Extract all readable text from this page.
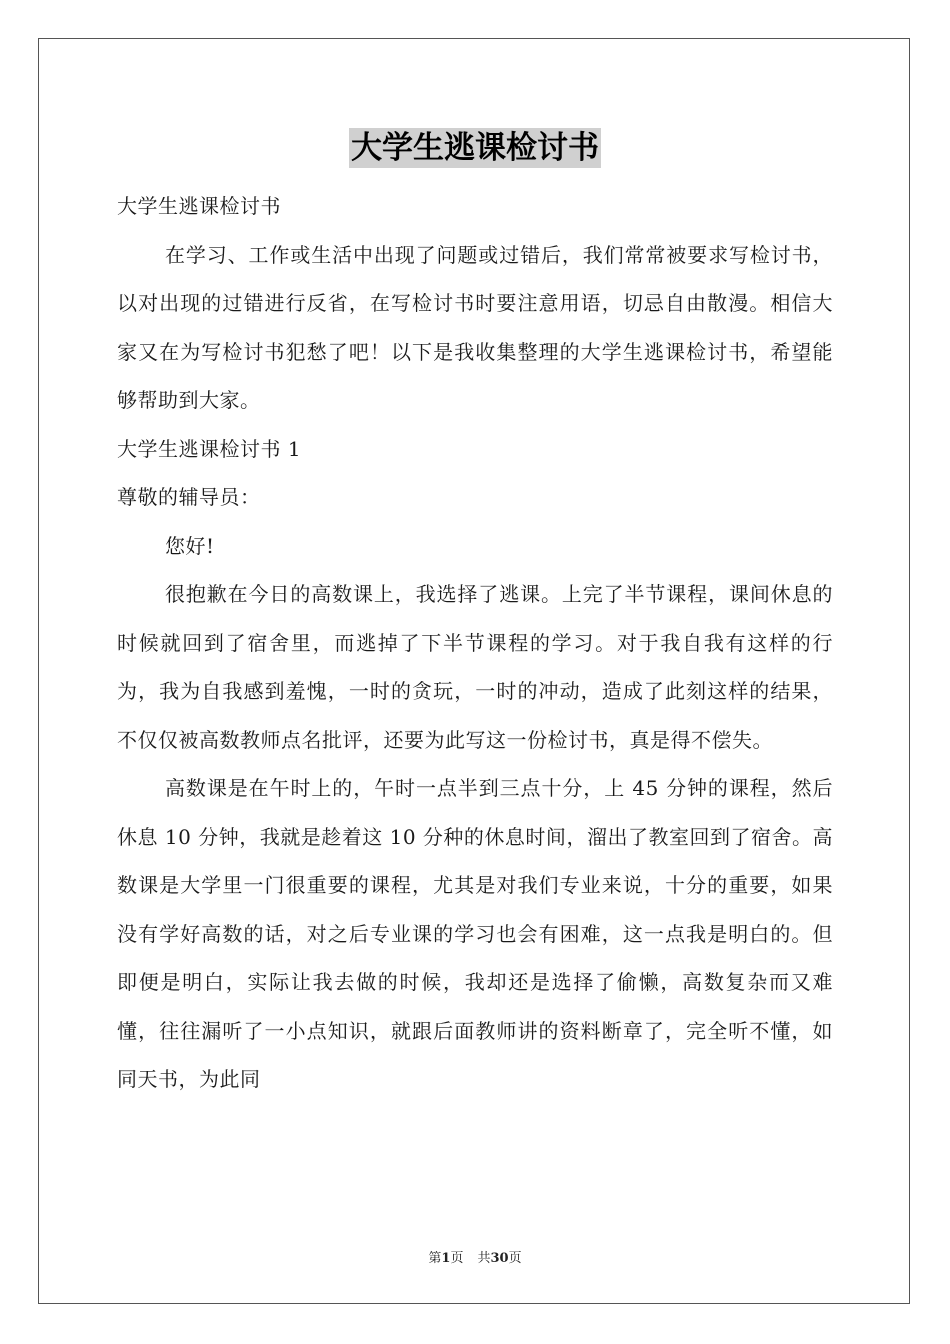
大学生逃课检讨书

大学生逃课检讨书

在学习、工作或生活中出现了问题或过错后，我们常常被要求写检讨书，以对出现的过错进行反省，在写检讨书时要注意用语，切忌自由散漫。相信大家又在为写检讨书犯愁了吧！以下是我收集整理的大学生逃课检讨书，希望能够帮助到大家。

大学生逃课检讨书 1

尊敬的辅导员：

您好!

很抱歉在今日的高数课上，我选择了逃课。上完了半节课程，课间休息的时候就回到了宿舍里，而逃掉了下半节课程的学习。对于我自我有这样的行为，我为自我感到羞愧，一时的贪玩，一时的冲动，造成了此刻这样的结果，不仅仅被高数教师点名批评，还要为此写这一份检讨书，真是得不偿失。

高数课是在午时上的，午时一点半到三点十分，上 45 分钟的课程，然后休息 10 分钟，我就是趁着这 10 分种的休息时间，溜出了教室回到了宿舍。高数课是大学里一门很重要的课程，尤其是对我们专业来说，十分的重要，如果没有学好高数的话，对之后专业课的学习也会有困难，这一点我是明白的。但即便是明白，实际让我去做的时候，我却还是选择了偷懒，高数复杂而又难懂，往往漏听了一小点知识，就跟后面教师讲的资料断章了，完全听不懂，如同天书，为此同

第1页 共30页
